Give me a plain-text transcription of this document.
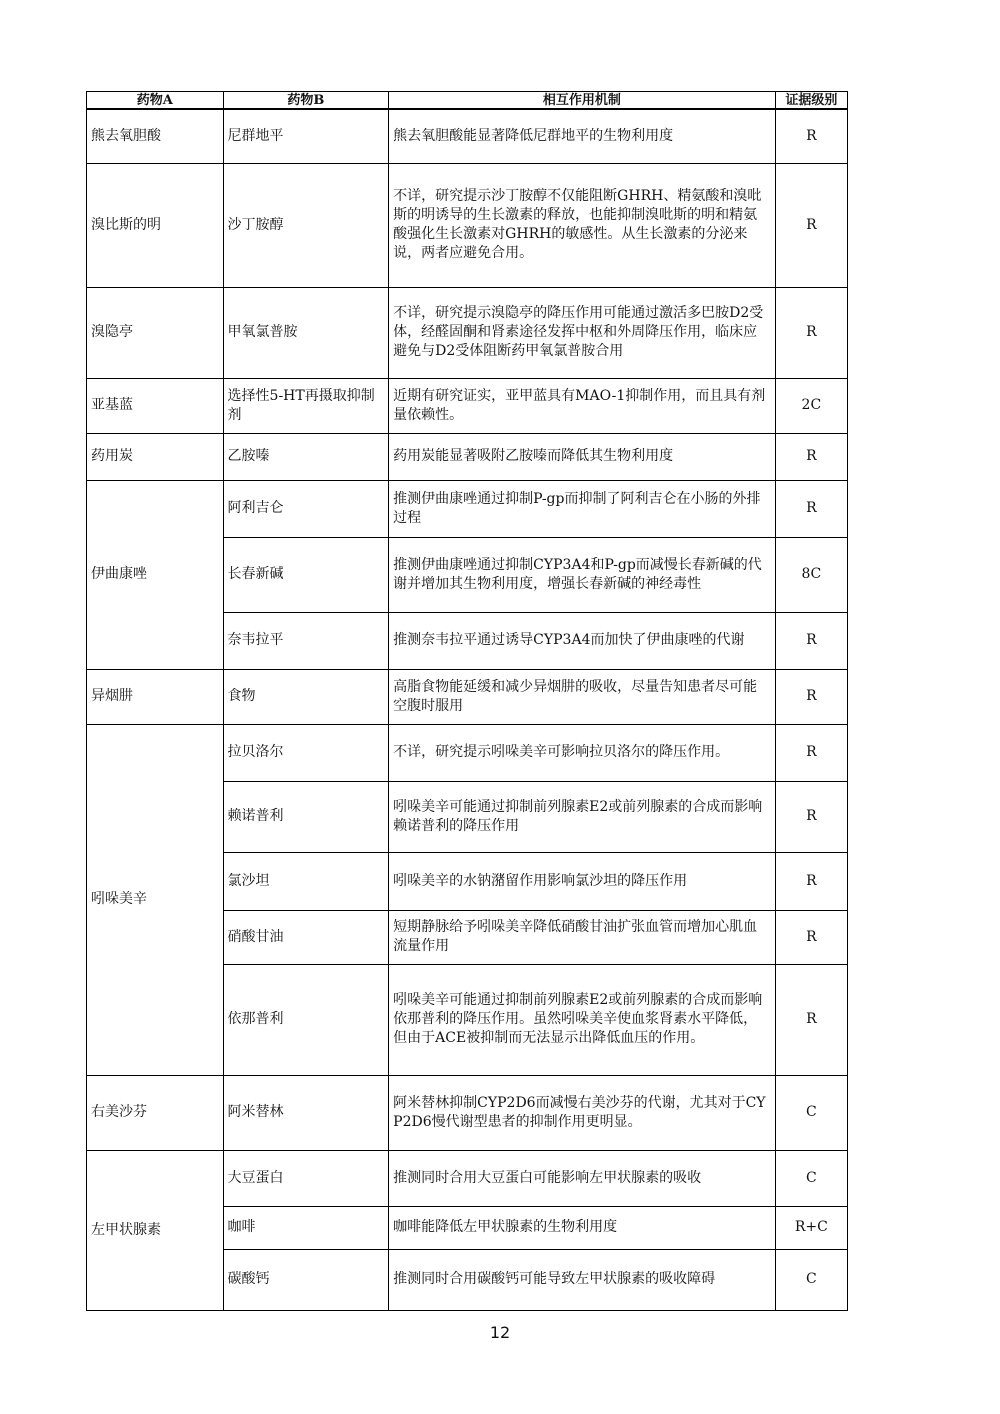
药物A	药物B	相互作用机制	证据级别
熊去氧胆酸	尼群地平	熊去氧胆酸能显著降低尼群地平的生物利用度	R
溴比斯的明	沙丁胺醇	不详，研究提示沙丁胺醇不仅能阻断GHRH、精氨酸和溴吡斯的明诱导的生长激素的释放，也能抑制溴吡斯的明和精氨酸强化生长激素对GHRH的敏感性。从生长激素的分泌来说，两者应避免合用。	R
溴隐亭	甲氧氯普胺	不详，研究提示溴隐亭的降压作用可能通过激活多巴胺D2受体，经醛固酮和肾素途径发挥中枢和外周降压作用，临床应避免与D2受体阻断药甲氧氯普胺合用	R
亚基蓝	选择性5-HT再摄取抑制剂	近期有研究证实，亚甲蓝具有MAO-1抑制作用，而且具有剂量依赖性。	2C
药用炭	乙胺嗪	药用炭能显著吸附乙胺嗪而降低其生物利用度	R
伊曲康唑	阿利吉仑	推测伊曲康唑通过抑制P-gp而抑制了阿利吉仑在小肠的外排过程	R
	长春新碱	推测伊曲康唑通过抑制CYP3A4和P-gp而减慢长春新碱的代谢并增加其生物利用度，增强长春新碱的神经毒性	8C
	奈韦拉平	推测奈韦拉平通过诱导CYP3A4而加快了伊曲康唑的代谢	R
异烟肼	食物	高脂食物能延缓和减少异烟肼的吸收，尽量告知患者尽可能空腹时服用	R
吲哚美辛	拉贝洛尔	不详，研究提示吲哚美辛可影响拉贝洛尔的降压作用。	R
	赖诺普利	吲哚美辛可能通过抑制前列腺素E2或前列腺素的合成而影响赖诺普利的降压作用	R
	氯沙坦	吲哚美辛的水钠潴留作用影响氯沙坦的降压作用	R
	硝酸甘油	短期静脉给予吲哚美辛降低硝酸甘油扩张血管而增加心肌血流量作用	R
	依那普利	吲哚美辛可能通过抑制前列腺素E2或前列腺素的合成而影响依那普利的降压作用。虽然吲哚美辛使血浆肾素水平降低，但由于ACE被抑制而无法显示出降低血压的作用。	R
右美沙芬	阿米替林	阿米替林抑制CYP2D6而减慢右美沙芬的代谢，尤其对于CYP2D6慢代谢型患者的抑制作用更明显。	C
左甲状腺素	大豆蛋白	推测同时合用大豆蛋白可能影响左甲状腺素的吸收	C
	咖啡	咖啡能降低左甲状腺素的生物利用度	R+C
	碳酸钙	推测同时合用碳酸钙可能导致左甲状腺素的吸收障碍	C
12
